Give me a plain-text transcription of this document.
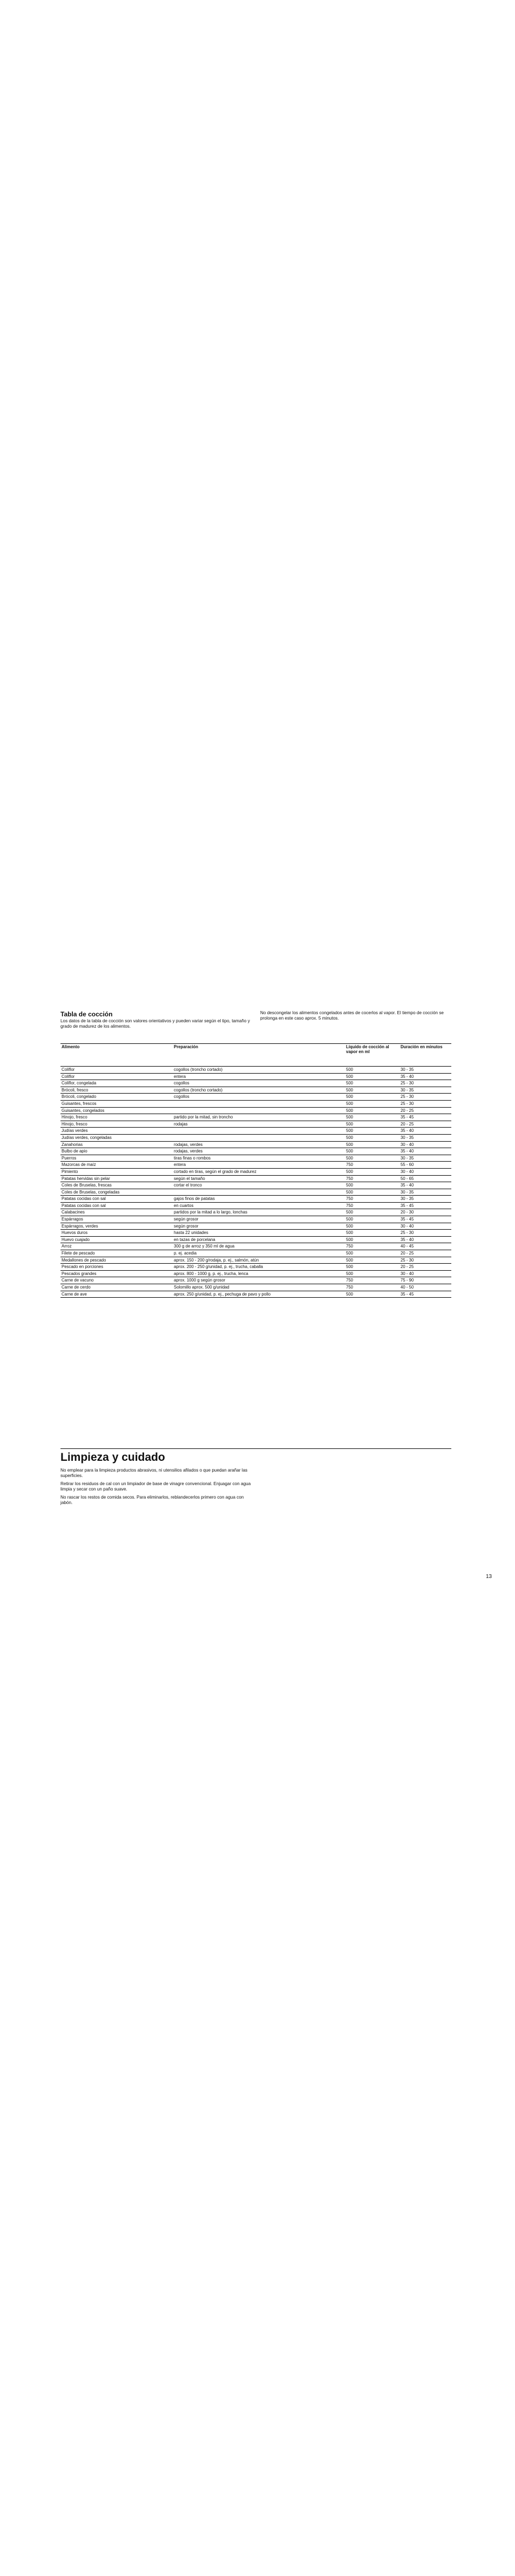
Tabla de cocción

Los datos de la tabla de cocción son valores orientativos y pueden variar según el tipo, tamaño y grado de madurez de los alimentos.

No descongelar los alimentos congelados antes de cocerlos al vapor. El tiempo de cocción se prolonga en este caso aprox. 5 minutos.

Alimento	Preparación	Líquido de cocción al vapor en ml	Duración en minutos
Coliflor	cogollos (troncho cortado)	500	30 - 35
Coliflor	entera	500	35 - 40
Coliflor, congelada	cogollos	500	25 - 30
Brócoli, fresco	cogollos (troncho cortado)	500	30 - 35
Brócoli, congelado	cogollos	500	25 - 30
Guisantes, frescos		500	25 - 30
Guisantes, congelados		500	20 - 25
Hinojo, fresco	partido por la mitad, sin troncho	500	35 - 45
Hinojo, fresco	rodajas	500	20 - 25
Judías verdes		500	35 - 40
Judías verdes, congeladas		500	30 - 35
Zanahorias	rodajas, verdes	500	30 - 40
Bulbo de apio	rodajas, verdes	500	35 - 40
Puerros	tiras finas o rombos	500	30 - 35
Mazorcas de maíz	entera	750	55 - 60
Pimiento	cortado en tiras, según el grado de madurez	500	30 - 40
Patatas hervidas sin pelar	según el tamaño	750	50 - 65
Coles de Bruselas, frescas	cortar el tronco	500	35 - 40
Coles de Bruselas, congeladas		500	30 - 35
Patatas cocidas con sal	gajos finos de patatas	750	30 - 35
Patatas cocidas con sal	en cuartos	750	35 - 45
Calabacines	partidos por la mitad a lo largo, lonchas	500	20 - 30
Espárragos	según grosor	500	35 - 45
Espárragos, verdes	según grosor	500	30 - 40
Huevos duros	hasta 22 unidades	500	25 - 30
Huevo cuajado	en tazas de porcelana	500	35 - 40
Arroz	300 g de arroz y 350 ml de agua	750	40 - 45
Filete de pescado	p. ej. acedia	500	20 - 25
Medallones de pescado	aprox. 150 - 200 g/rodaja, p. ej., salmón, atún	500	25 - 30
Pescado en porciones	aprox. 200 - 250 g/unidad, p. ej., trucha, caballa	500	20 - 25
Pescados grandes	aprox. 800 - 1000 g, p. ej., trucha, lenca	500	30 - 40
Carne de vacuno	aprox. 1000 g según grosor	750	75 - 90
Carne de cerdo	Solomillo aprox. 500 g/unidad	750	40 - 50
Carne de ave	aprox. 250 g/unidad, p. ej., pechuga de pavo y pollo	500	35 - 45
Limpieza y cuidado

No emplear para la limpieza productos abrasivos, ni utensilios afilados o que puedan arañar las superficies.

Retirar los residuos de cal con un limpiador de base de vinagre convencional. Enjuagar con agua limpia y secar con un paño suave.

No rascar los restos de comida secos. Para eliminarlos, reblandecerlos primero con agua con jabón.

13
